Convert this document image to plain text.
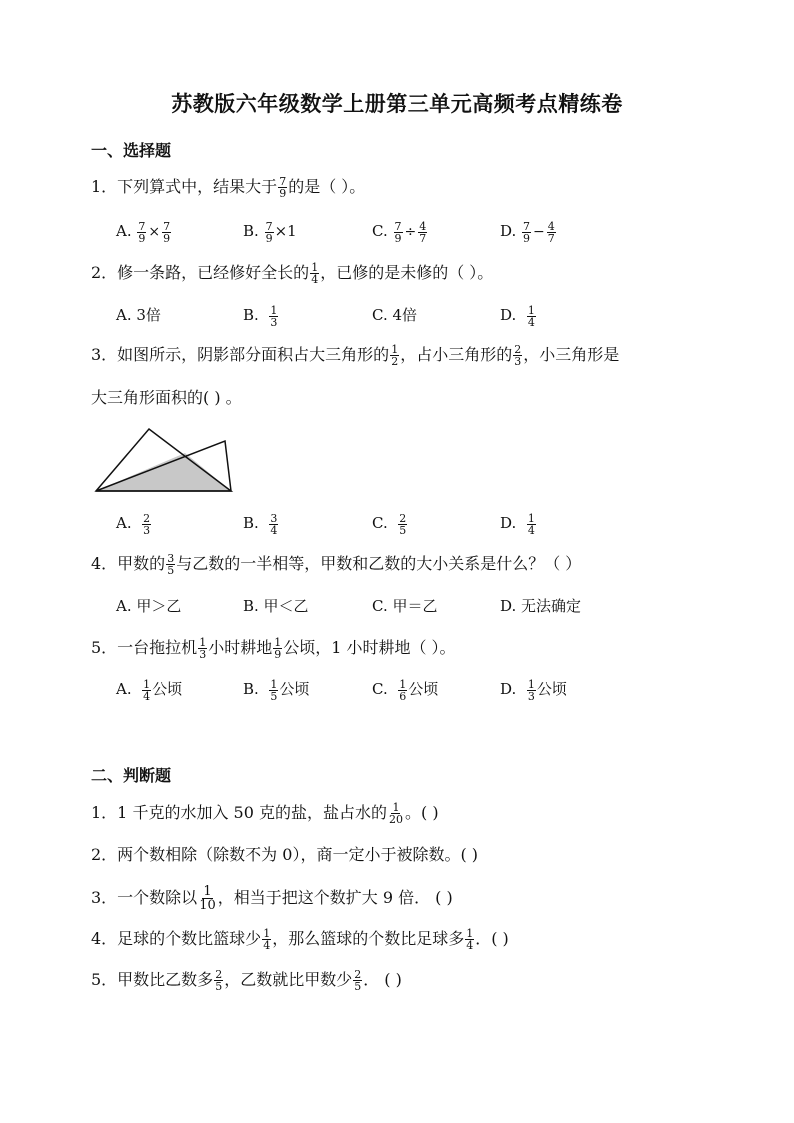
苏教版六年级数学上册第三单元高频考点精练卷
一、选择题
1．下列算式中，结果大于 $\frac{7}{9}$ 的是（ ）。
A. $\frac{7}{9} \times \frac{7}{9}$	B. $\frac{7}{9} \times 1$	C. $\frac{7}{9} \div \frac{4}{7}$	D. $\frac{7}{9} - \frac{4}{7}$
2．修一条路，已经修好全长的 $\frac{1}{4}$ ，已修的是未修的（ ）。
A. 3倍	B. $\frac{1}{3}$	C. 4倍	D. $\frac{1}{4}$
3．如图所示，阴影部分面积占大三角形的 $\frac{1}{2}$ ，占小三角形的 $\frac{2}{3}$ ，小三角形是
大三角形面积的( ) 。
A. $\frac{2}{3}$	B. $\frac{3}{4}$	C. $\frac{2}{5}$	D. $\frac{1}{4}$
4．甲数的 $\frac{3}{5}$ 与乙数的一半相等，甲数和乙数的大小关系是什么？（ ）
A. 甲＞乙	B. 甲＜乙	C. 甲＝乙	D. 无法确定
5．一台拖拉机 $\frac{1}{3}$ 小时耕地 $\frac{1}{9}$ 公顷，1 小时耕地（ ）。
A. $\frac{1}{4}$ 公顷	B. $\frac{1}{5}$ 公顷	C. $\frac{1}{6}$ 公顷	D. $\frac{1}{3}$ 公顷
二、判断题
1．1 千克的水加入 50 克的盐，盐占水的 $\frac{1}{20}$ 。( )
2．两个数相除（除数不为 0），商一定小于被除数。( )
3．一个数除以 $\frac{1}{10}$ ，相当于把这个数扩大 9 倍． ( )
4．足球的个数比篮球少 $\frac{1}{4}$ ，那么篮球的个数比足球多 $\frac{1}{4}$ ．( )
5．甲数比乙数多 $\frac{2}{5}$ ，乙数就比甲数少 $\frac{2}{5}$ ． ( )
